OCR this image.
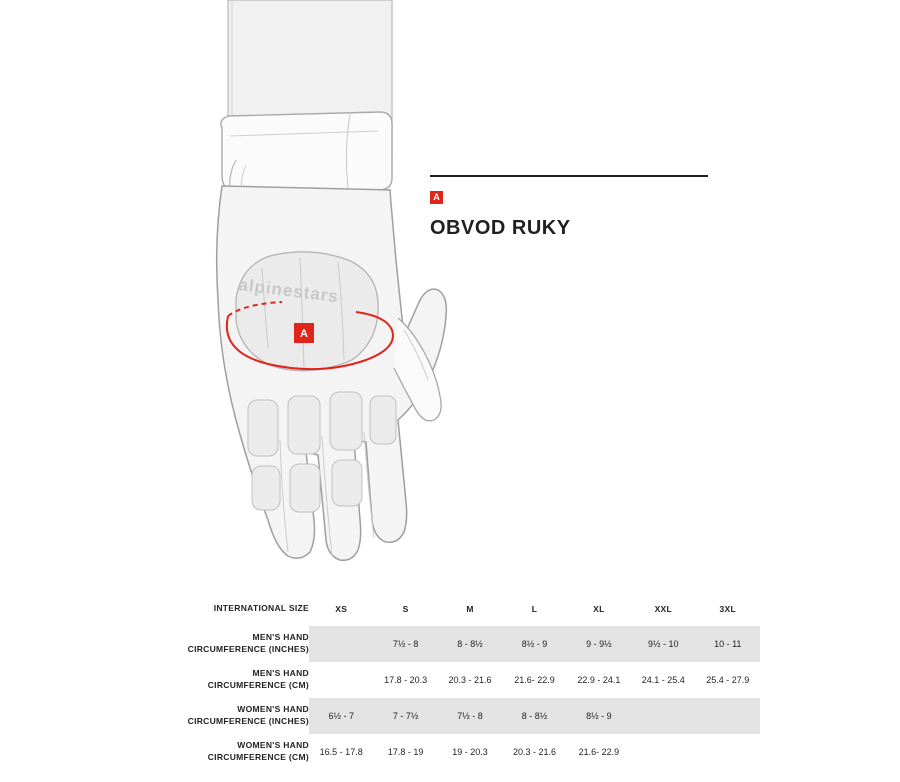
alpinestars
A
A
OBVOD RUKY
INTERNATIONAL SIZE	XS	S	M	L	XL	XXL	3XL

MEN'S HAND
CIRCUMFERENCE (INCHES)		7½ - 8	8 - 8½	8½ - 9	9 - 9½	9½ - 10	10 - 11

MEN'S HAND
CIRCUMFERENCE (CM)		17.8 - 20.3	20.3 - 21.6	21.6- 22.9	22.9 - 24.1	24.1 - 25.4	25.4 - 27.9

WOMEN'S HAND
CIRCUMFERENCE (INCHES)	6½ - 7	7 - 7½	7½ - 8	8 - 8½	8½ - 9		

WOMEN'S HAND
CIRCUMFERENCE (CM)	16.5 - 17.8	17.8 - 19	19 - 20.3	20.3 - 21.6	21.6- 22.9		
